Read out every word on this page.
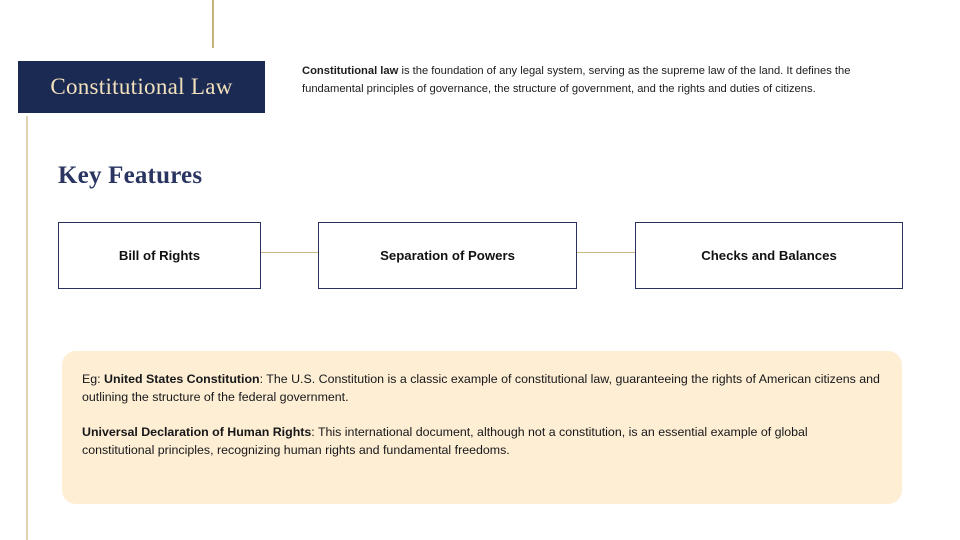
Constitutional Law
Constitutional law is the foundation of any legal system, serving as the supreme law of the land. It defines the fundamental principles of governance, the structure of government, and the rights and duties of citizens.
Key Features
Bill of Rights	Separation of Powers	Checks and Balances

Eg: United States Constitution: The U.S. Constitution is a classic example of constitutional law, guaranteeing the rights of American citizens and outlining the structure of the federal government.

Universal Declaration of Human Rights: This international document, although not a constitution, is an essential example of global constitutional principles, recognizing human rights and fundamental freedoms.
